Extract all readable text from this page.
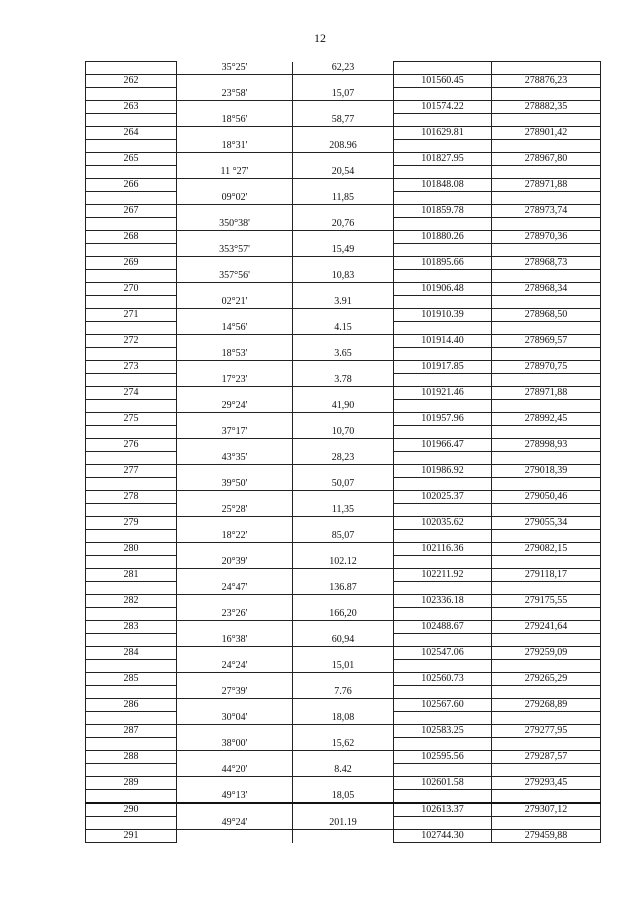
12
	35°25'	62,23		
262			101560.45	278876,23
	23°58'	15,07		
263			101574.22	278882,35
	18°56'	58,77		
264			101629.81	278901,42
	18°31'	208.96		
265			101827.95	278967,80
	11 °27'	20,54		
266			101848.08	278971,88
	09°02'	11,85		
267			101859.78	278973,74
	350°38'	20,76		
268			101880.26	278970,36
	353°57'	15,49		
269			101895.66	278968,73
	357°56'	10,83		
270			101906.48	278968,34
	02°21'	3.91		
271			101910.39	278968,50
	14°56'	4.15		
272			101914.40	278969,57
	18°53'	3.65		
273			101917.85	278970,75
	17°23'	3.78		
274			101921.46	278971,88
	29°24'	41,90		
275			101957.96	278992,45
	37°17'	10,70		
276			101966.47	278998,93
	43°35'	28,23		
277			101986.92	279018,39
	39°50'	50,07		
278			102025.37	279050,46
	25°28'	11,35		
279			102035.62	279055,34
	18°22'	85,07		
280			102116.36	279082,15
	20°39'	102.12		
281			102211.92	279118,17
	24°47'	136.87		
282			102336.18	279175,55
	23°26'	166,20		
283			102488.67	279241,64
	16°38'	60,94		
284			102547.06	279259,09
	24°24'	15,01		
285			102560.73	279265,29
	27°39'	7.76		
286			102567.60	279268,89
	30°04'	18,08		
287			102583.25	279277,95
	38°00'	15,62		
288			102595.56	279287,57
	44°20'	8.42		
289			102601.58	279293,45
	49°13'	18,05		
290			102613.37	279307,12
	49°24'	201.19		
291			102744.30	279459,88
